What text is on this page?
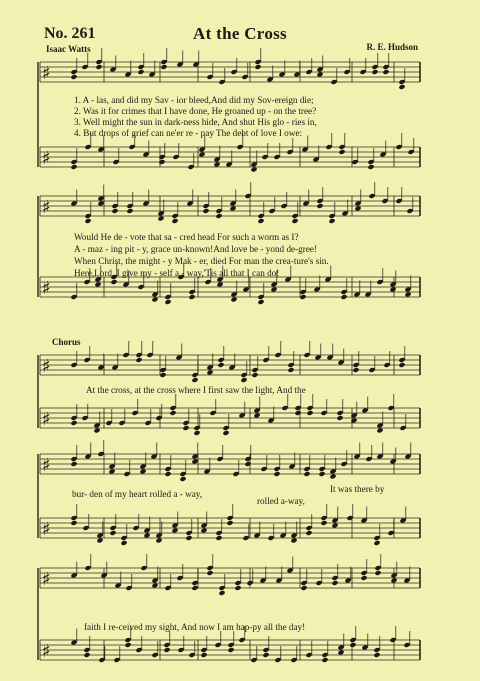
No. 261	At the Cross
Isaac Watts	R. E. Hudson
♯
♯
♯
♯
♯
♯
♯
♯
♯
♯
1. A - las, and did my Sav - ior bleed,And did my Sov-ereign die;
2. Was it for crimes that I have done, He groaned up - on the tree?
3. Well might the sun in dark-ness hide, And shut His glo - ries in,
4. But drops of grief can ne'er re - pay The debt of love I owe:
Would He de - vote that sa - cred head For such a worm as I?
A - maz - ing pit - y, grace un-known!And love be - yond de-gree!
When Christ, the might - y Mak - er, died For man the crea-ture's sin.
Here,Lord, I give my - self a - way,'Tis all that I can do!
Chorus
At the cross, at the cross where I first saw the light, And the
bur- den of my heart rolled a - way,	It was there by
rolled a-way,
faith I re-ceived my sight, And now I am hap-py all the day!
